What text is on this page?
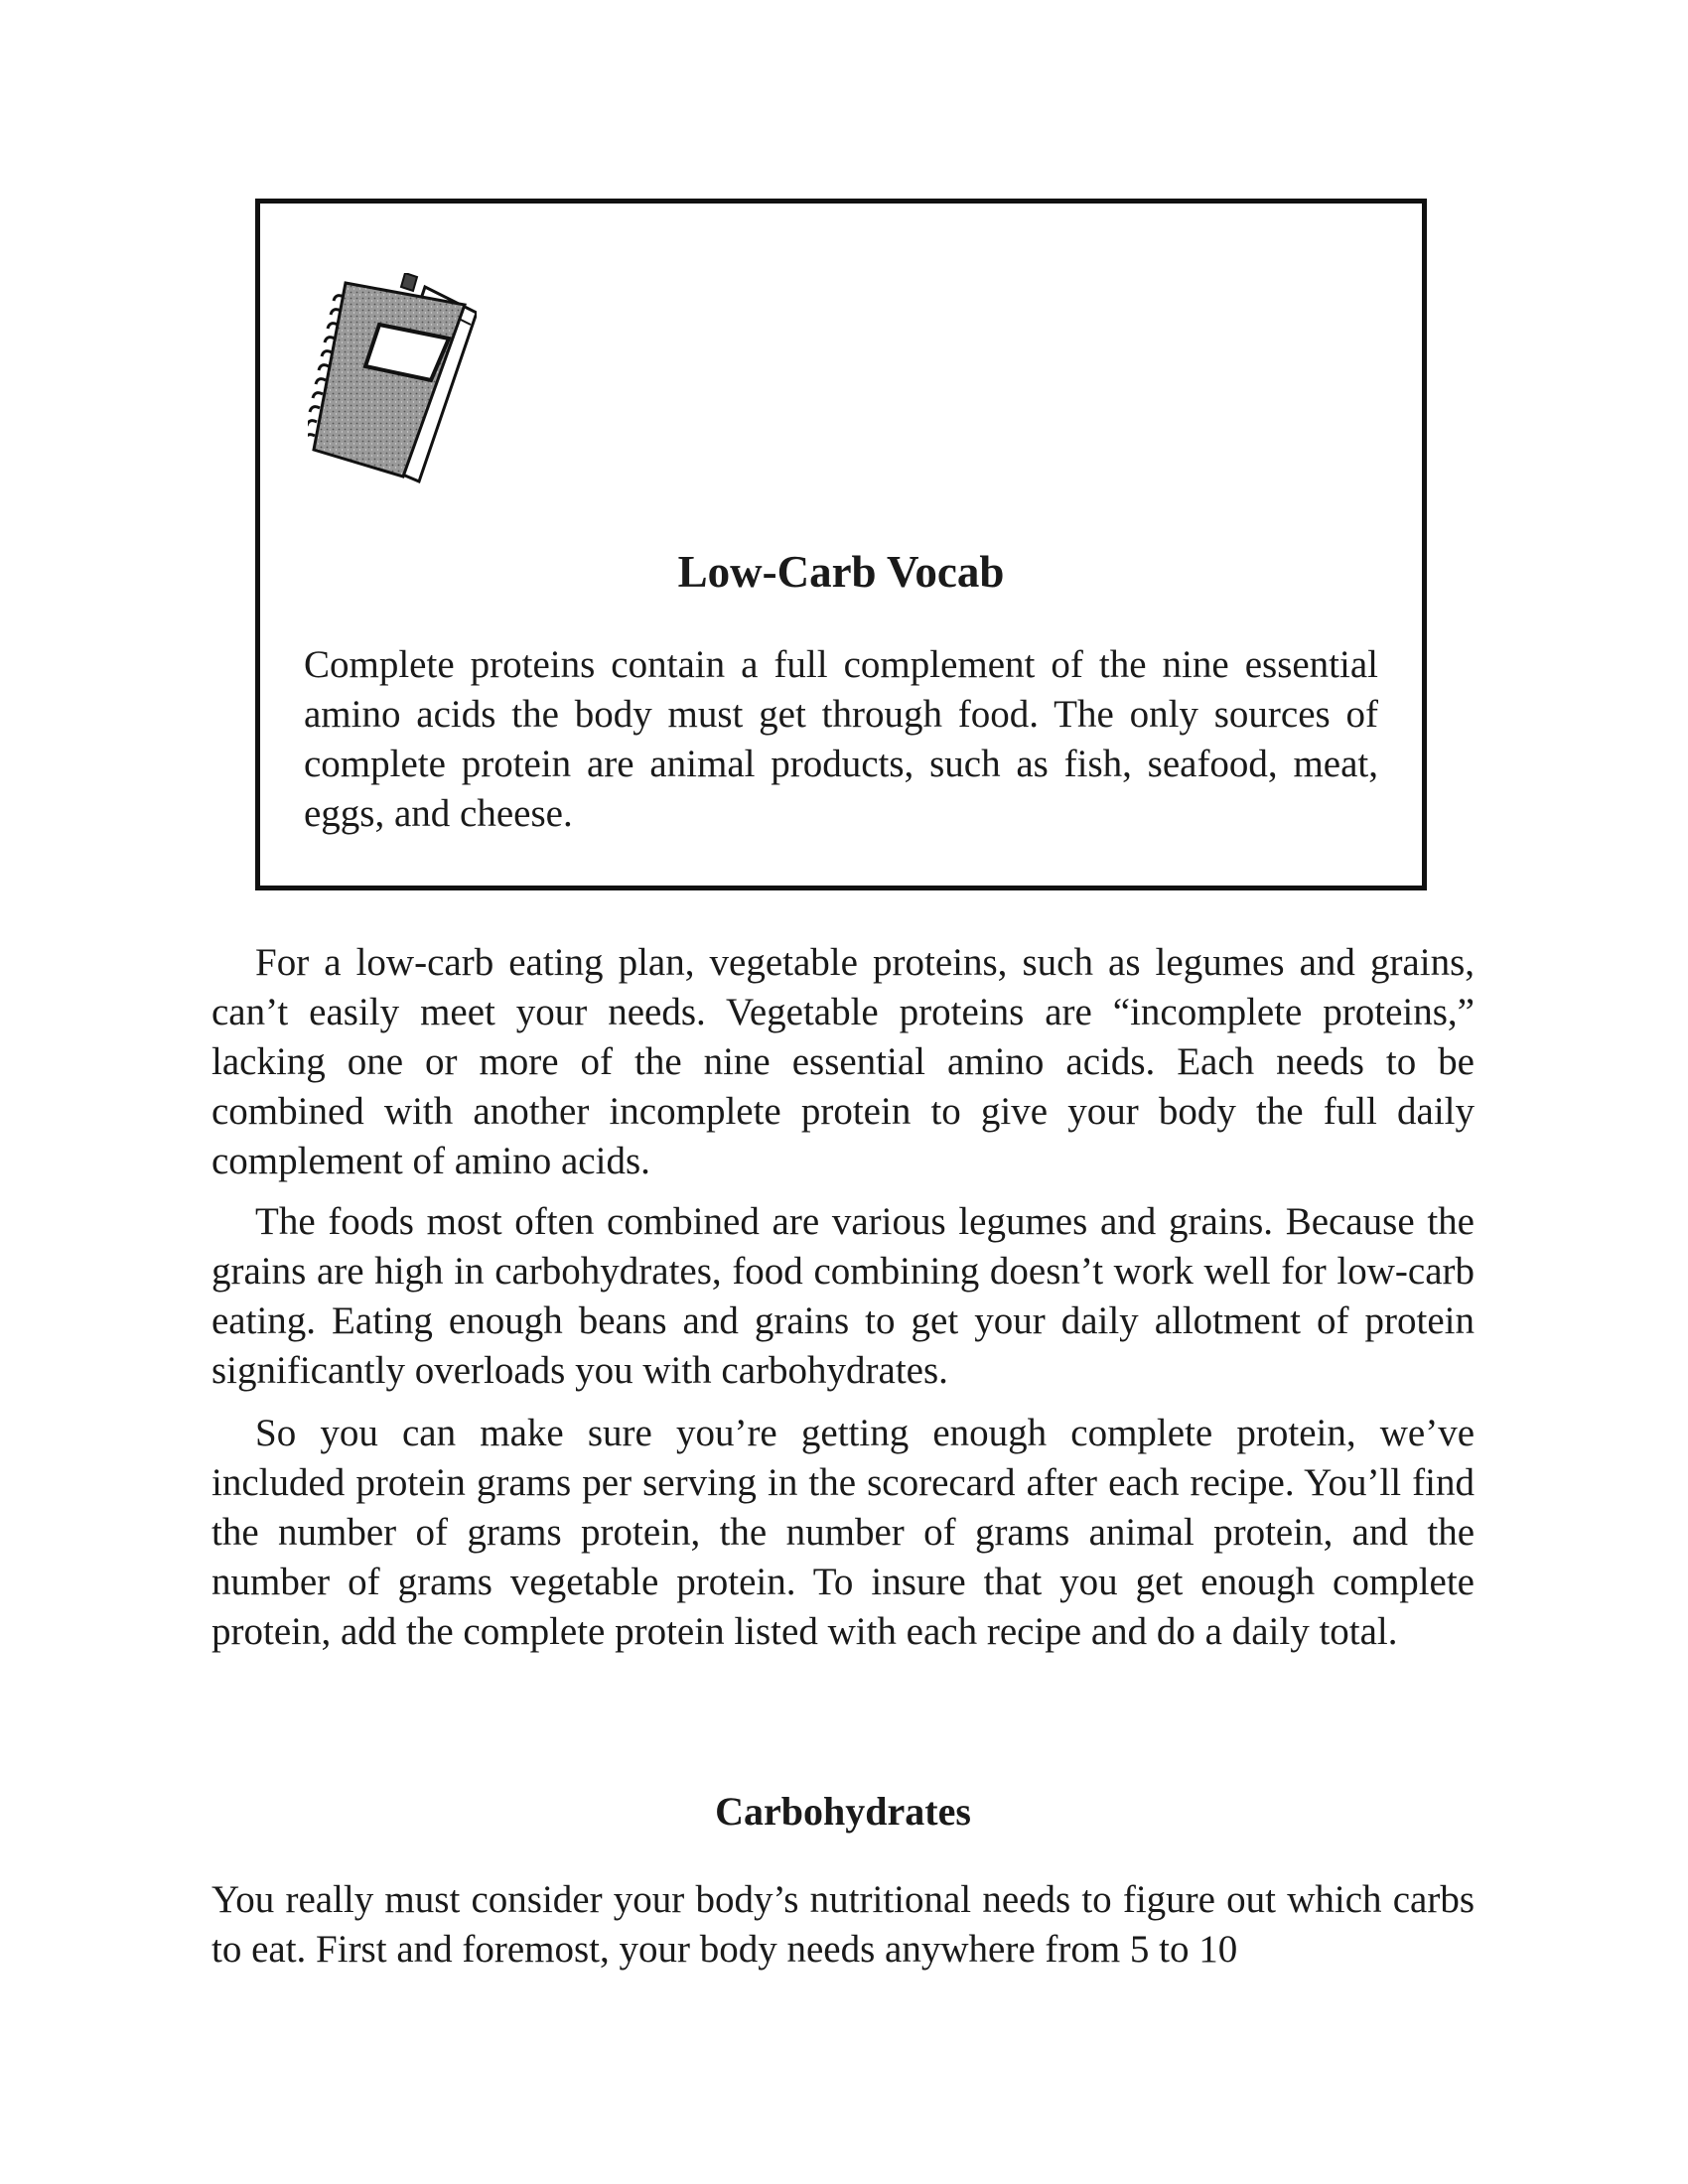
Low-Carb Vocab

Complete proteins contain a full complement of the nine essential amino acids the body must get through food. The only sources of complete protein are animal products, such as fish, seafood, meat, eggs, and cheese.

For a low-carb eating plan, vegetable proteins, such as legumes and grains, can’t easily meet your needs. Vegetable proteins are “incomplete proteins,” lacking one or more of the nine essential amino acids. Each needs to be combined with another incomplete protein to give your body the full daily complement of amino acids.

The foods most often combined are various legumes and grains. Because the grains are high in carbohydrates, food combining doesn’t work well for low-carb eating. Eating enough beans and grains to get your daily allotment of protein significantly overloads you with carbohydrates.

So you can make sure you’re getting enough complete protein, we’ve included protein grams per serving in the scorecard after each recipe. You’ll find the number of grams protein, the number of grams animal protein, and the number of grams vegetable protein. To insure that you get enough complete protein, add the complete protein listed with each recipe and do a daily total.

Carbohydrates

You really must consider your body’s nutritional needs to figure out which carbs to eat. First and foremost, your body needs anywhere from 5 to 10
